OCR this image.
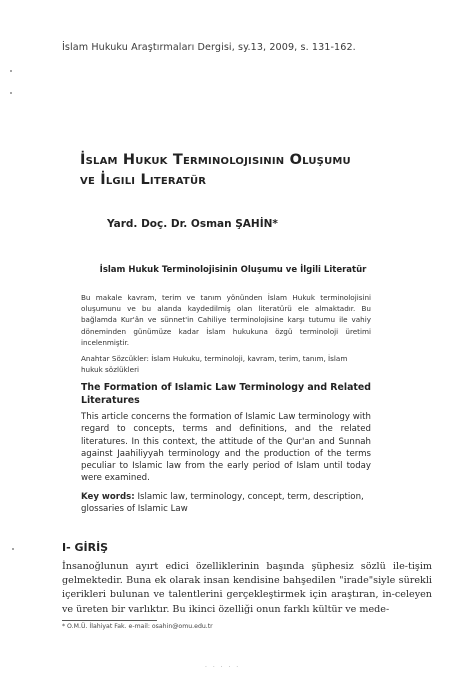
İslam Hukuku Araştırmaları Dergisi, sy.13, 2009, s. 131-162.
İslam Hukuk Terminolojisinin Oluşumu
ve İlgili Literatür
Yard. Doç. Dr. Osman ŞAHİN*
İslam Hukuk Terminolojisinin Oluşumu ve İlgili Literatür
Bu makale kavram, terim ve tanım yönünden İslam Hukuk terminolojisini oluşumunu ve bu alanda kaydedilmiş olan literatürü ele almaktadır. Bu bağlamda Kur'ân ve sünnet'in Cahiliye terminolojisine karşı tutumu ile vahiy döneminden günümüze kadar İslam hukukuna özgü terminoloji üretimi incelenmiştir.
Anahtar Sözcükler: İslam Hukuku, terminoloji, kavram, terim, tanım, İslam hukuk sözlükleri
The Formation of Islamic Law Terminology and Related Literatures
This article concerns the formation of Islamic Law terminology with regard to concepts, terms and definitions, and the related literatures. In this context, the attitude of the Qur'an and Sunnah against Jaahiliyyah terminology and the production of the terms peculiar to Islamic law from the early period of Islam until today were examined.
Key words: Islamic law, terminology, concept, term, description, glossaries of Islamic Law
I- GİRİŞ
İnsanoğlunun ayırt edici özelliklerinin başında şüphesiz sözlü ile-tişim gelmektedir. Buna ek olarak insan kendisine bahşedilen "irade"siyle sürekli içerikleri bulunan ve talentlerini gerçekleştirmek için araştıran, in-celeyen ve üreten bir varlıktır. Bu ikinci özelliği onun farklı kültür ve mede-
* O.M.Ü. İlahiyat Fak. e-mail: osahin@omu.edu.tr
· · · · ·
